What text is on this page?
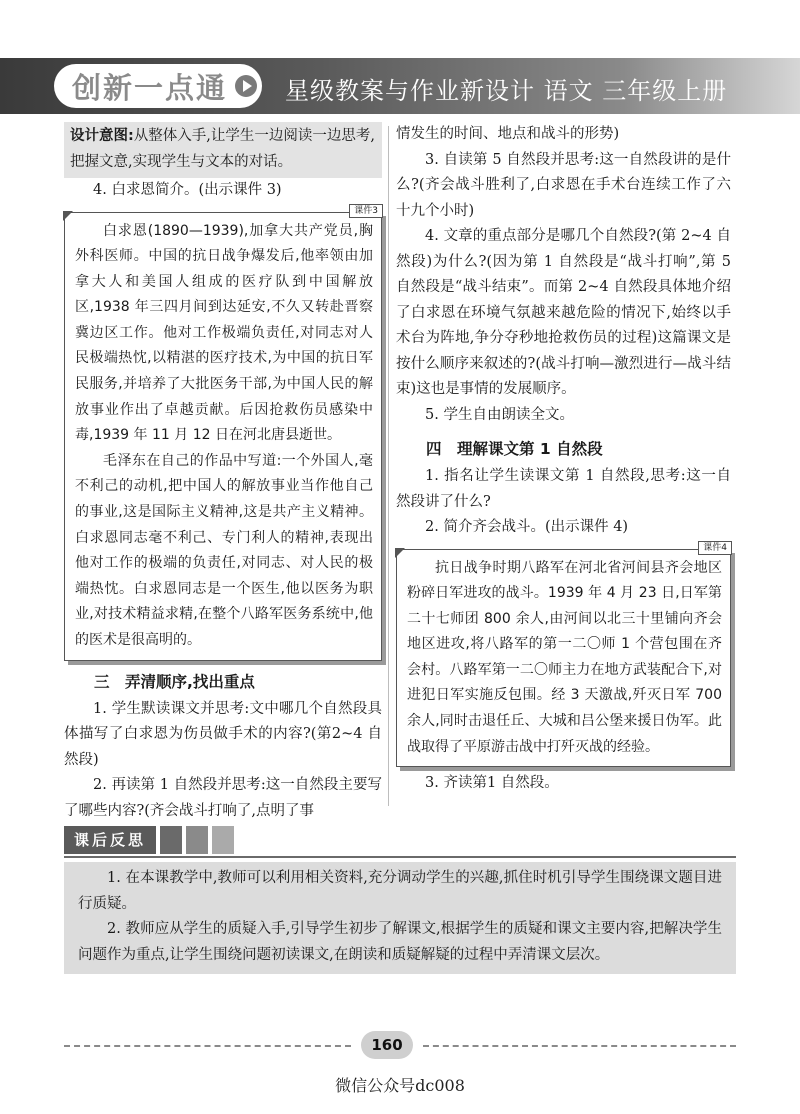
创新一点通 星级教案与作业新设计 语文 三年级上册
设计意图:从整体入手,让学生一边阅读一边思考,把握文意,实现学生与文本的对话。

4. 白求恩简介。(出示课件 3)

课件3

白求恩(1890—1939),加拿大共产党员,胸外科医师。中国的抗日战争爆发后,他率领由加拿大人和美国人组成的医疗队到中国解放区,1938 年三四月间到达延安,不久又转赴晋察冀边区工作。他对工作极端负责任,对同志对人民极端热忱,以精湛的医疗技术,为中国的抗日军民服务,并培养了大批医务干部,为中国人民的解放事业作出了卓越贡献。后因抢救伤员感染中毒,1939 年 11 月 12 日在河北唐县逝世。

毛泽东在自己的作品中写道:一个外国人,毫不利己的动机,把中国人的解放事业当作他自己的事业,这是国际主义精神,这是共产主义精神。白求恩同志毫不利己、专门利人的精神,表现出他对工作的极端的负责任,对同志、对人民的极端热忱。白求恩同志是一个医生,他以医务为职业,对技术精益求精,在整个八路军医务系统中,他的医术是很高明的。

三　弄清顺序,找出重点

1. 学生默读课文并思考:文中哪几个自然段具体描写了白求恩为伤员做手术的内容?(第2~4 自然段)

2. 再读第 1 自然段并思考:这一自然段主要写了哪些内容?(齐会战斗打响了,点明了事

情发生的时间、地点和战斗的形势)

3. 自读第 5 自然段并思考:这一自然段讲的是什么?(齐会战斗胜利了,白求恩在手术台连续工作了六十九个小时)

4. 文章的重点部分是哪几个自然段?(第 2~4 自然段)为什么?(因为第 1 自然段是“战斗打响”,第 5 自然段是“战斗结束”。而第 2~4 自然段具体地介绍了白求恩在环境气氛越来越危险的情况下,始终以手术台为阵地,争分夺秒地抢救伤员的过程)这篇课文是按什么顺序来叙述的?(战斗打响—激烈进行—战斗结束)这也是事情的发展顺序。

5. 学生自由朗读全文。

四　理解课文第 1 自然段

1. 指名让学生读课文第 1 自然段,思考:这一自然段讲了什么?

2. 简介齐会战斗。(出示课件 4)

课件4

抗日战争时期八路军在河北省河间县齐会地区粉碎日军进攻的战斗。1939 年 4 月 23 日,日军第二十七师团 800 余人,由河间以北三十里铺向齐会地区进攻,将八路军的第一二〇师 1 个营包围在齐会村。八路军第一二〇师主力在地方武装配合下,对进犯日军实施反包围。经 3 天激战,歼灭日军 700 余人,同时击退任丘、大城和吕公堡来援日伪军。此战取得了平原游击战中打歼灭战的经验。

3. 齐读第1 自然段。

课后反思

1. 在本课教学中,教师可以利用相关资料,充分调动学生的兴趣,抓住时机引导学生围绕课文题目进行质疑。

2. 教师应从学生的质疑入手,引导学生初步了解课文,根据学生的质疑和课文主要内容,把解决学生问题作为重点,让学生围绕问题初读课文,在朗读和质疑解疑的过程中弄清课文层次。

160
微信公众号dc008
